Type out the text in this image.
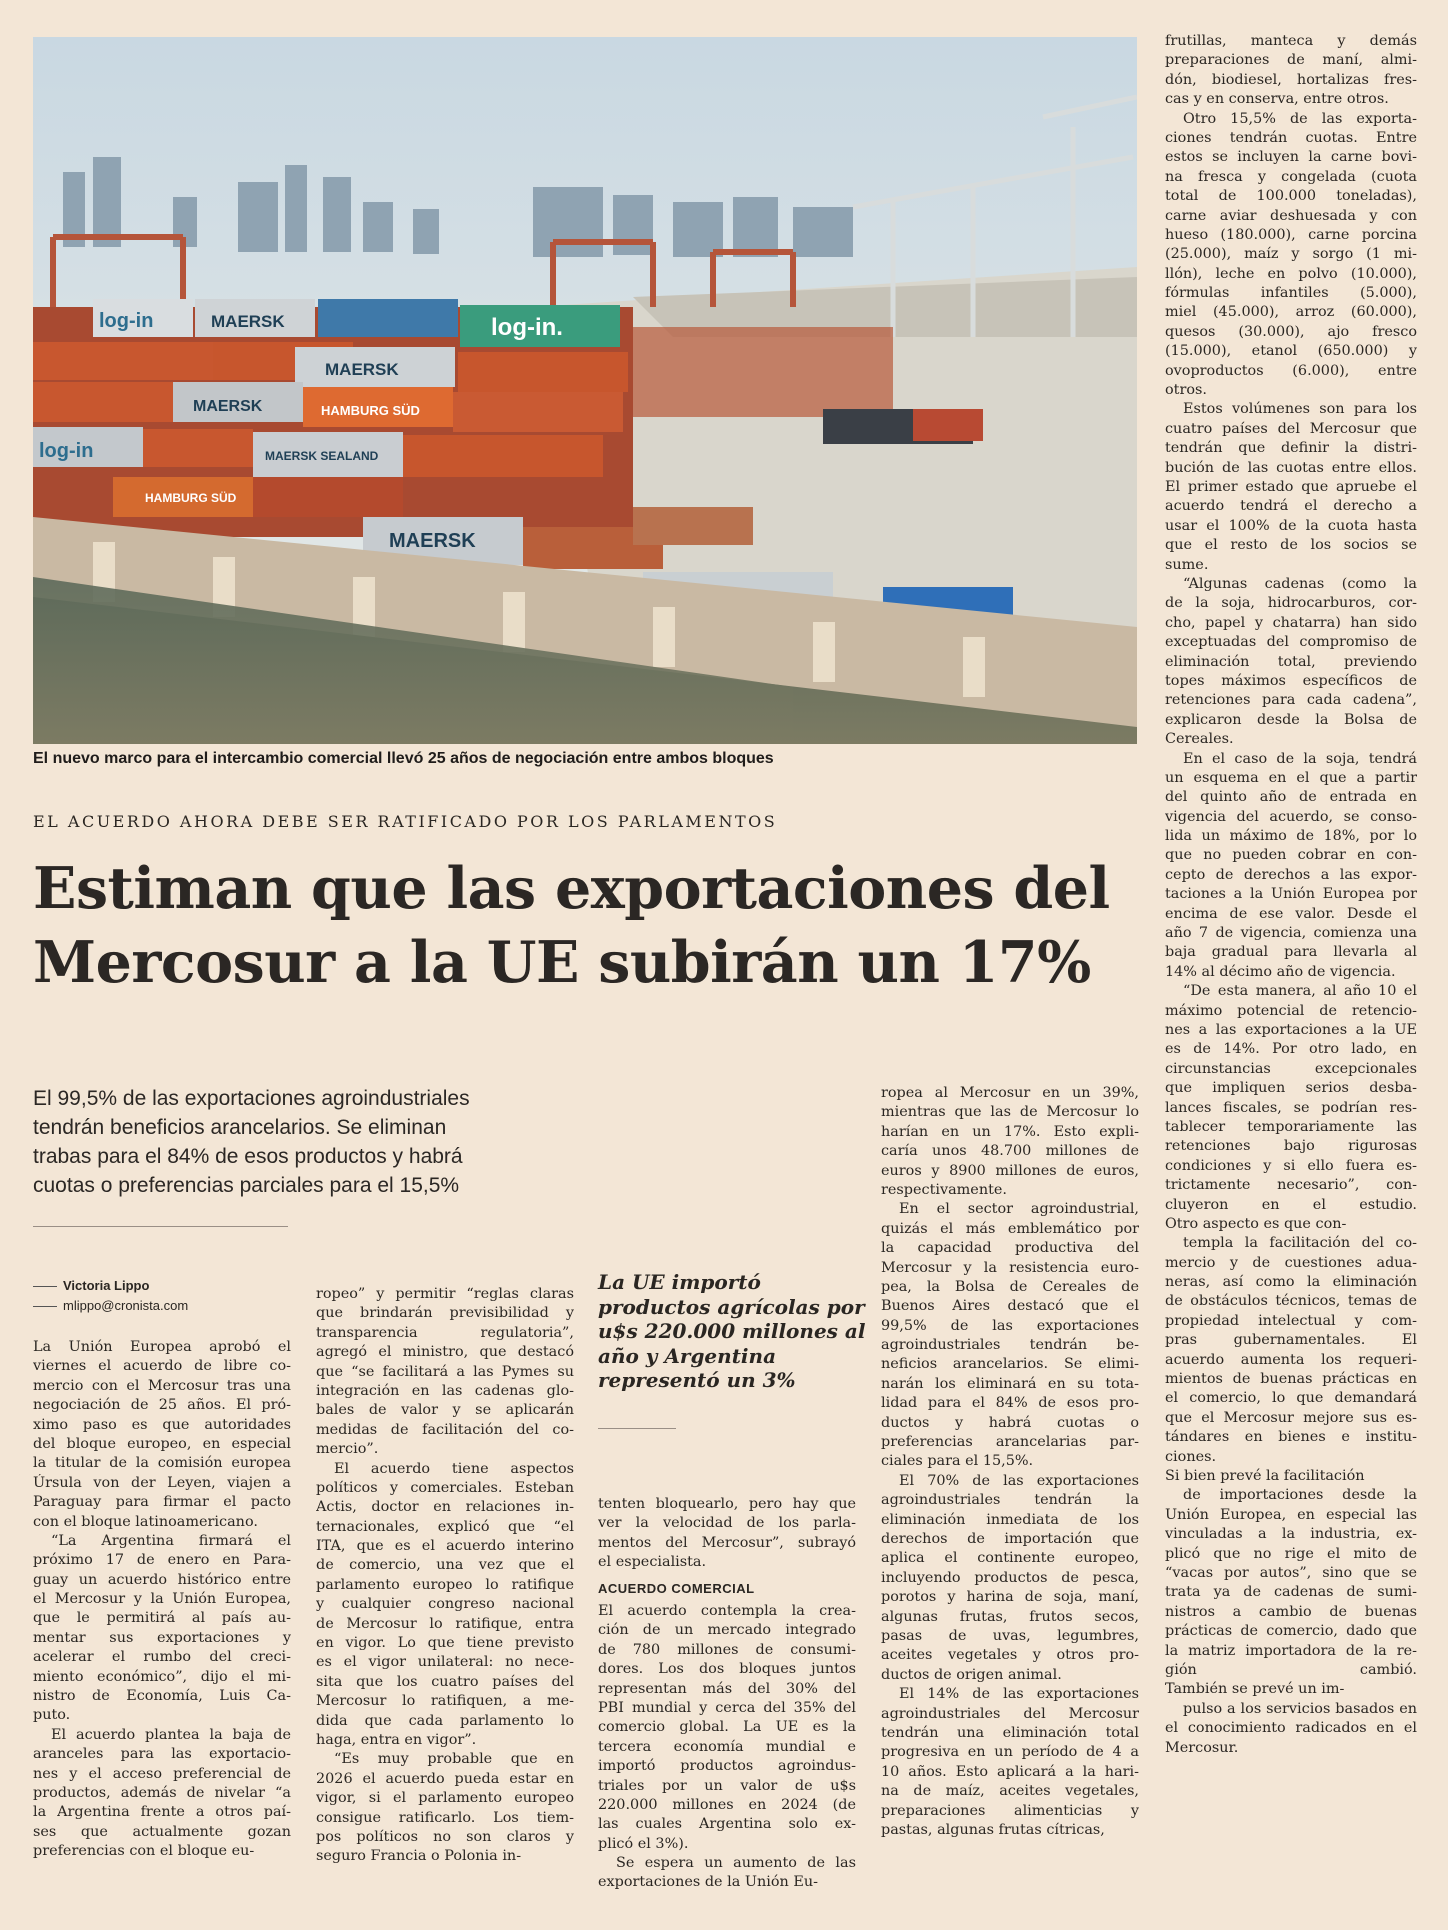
log-in	MAERSK	log-in.
MAERSK
MAERSK	HAMBURG SÜD
MAERSK SEALAND
log-in
HAMBURG SÜD
MAERSK
El nuevo marco para el intercambio comercial llevó 25 años de negociación entre ambos bloques
EL ACUERDO AHORA DEBE SER RATIFICADO POR LOS PARLAMENTOS
Estiman que las exportaciones del
Mercosur a la UE subirán un 17%
El 99,5% de las exportaciones agroindustriales
tendrán beneficios arancelarios. Se eliminan
trabas para el 84% de esos productos y habrá
cuotas o preferencias parciales para el 15,5%
Victoria Lippo
mlippo@cronista.com
La UE importó
productos agrícolas por
u$s 220.000 millones al
año y Argentina
representó un 3%
La Unión Europea aprobó el
viernes el acuerdo de libre co-
mercio con el Mercosur tras una
negociación de 25 años. El pró-
ximo paso es que autoridades
del bloque europeo, en especial
la titular de la comisión europea
Úrsula von der Leyen, viajen a
Paraguay para firmar el pacto
con el bloque latinoamericano.
“La Argentina firmará el
próximo 17 de enero en Para-
guay un acuerdo histórico entre
el Mercosur y la Unión Europea,
que le permitirá al país au-
mentar sus exportaciones y
acelerar el rumbo del creci-
miento económico”, dijo el mi-
nistro de Economía, Luis Ca-
puto.
El acuerdo plantea la baja de
aranceles para las exportacio-
nes y el acceso preferencial de
productos, además de nivelar “a
la Argentina frente a otros paí-
ses que actualmente gozan
preferencias con el bloque eu-
ropeo” y permitir “reglas claras
que brindarán previsibilidad y
transparencia regulatoria”,
agregó el ministro, que destacó
que “se facilitará a las Pymes su
integración en las cadenas glo-
bales de valor y se aplicarán
medidas de facilitación del co-
mercio”.
El acuerdo tiene aspectos
políticos y comerciales. Esteban
Actis, doctor en relaciones in-
ternacionales, explicó que “el
ITA, que es el acuerdo interino
de comercio, una vez que el
parlamento europeo lo ratifique
y cualquier congreso nacional
de Mercosur lo ratifique, entra
en vigor. Lo que tiene previsto
es el vigor unilateral: no nece-
sita que los cuatro países del
Mercosur lo ratifiquen, a me-
dida que cada parlamento lo
haga, entra en vigor”.
“Es muy probable que en
2026 el acuerdo pueda estar en
vigor, si el parlamento europeo
consigue ratificarlo. Los tiem-
pos políticos no son claros y
seguro Francia o Polonia in-
tenten bloquearlo, pero hay que
ver la velocidad de los parla-
mentos del Mercosur”, subrayó
el especialista.
ACUERDO COMERCIAL
El acuerdo contempla la crea-
ción de un mercado integrado
de 780 millones de consumi-
dores. Los dos bloques juntos
representan más del 30% del
PBI mundial y cerca del 35% del
comercio global. La UE es la
tercera economía mundial e
importó productos agroindus-
triales por un valor de u$s
220.000 millones en 2024 (de
las cuales Argentina solo ex-
plicó el 3%).
Se espera un aumento de las
exportaciones de la Unión Eu-
ropea al Mercosur en un 39%,
mientras que las de Mercosur lo
harían en un 17%. Esto expli-
caría unos 48.700 millones de
euros y 8900 millones de euros,
respectivamente.
En el sector agroindustrial,
quizás el más emblemático por
la capacidad productiva del
Mercosur y la resistencia euro-
pea, la Bolsa de Cereales de
Buenos Aires destacó que el
99,5% de las exportaciones
agroindustriales tendrán be-
neficios arancelarios. Se elimi-
narán los eliminará en su tota-
lidad para el 84% de esos pro-
ductos y habrá cuotas o
preferencias arancelarias par-
ciales para el 15,5%.
El 70% de las exportaciones
agroindustriales tendrán la
eliminación inmediata de los
derechos de importación que
aplica el continente europeo,
incluyendo productos de pesca,
porotos y harina de soja, maní,
algunas frutas, frutos secos,
pasas de uvas, legumbres,
aceites vegetales y otros pro-
ductos de origen animal.
El 14% de las exportaciones
agroindustriales del Mercosur
tendrán una eliminación total
progresiva en un período de 4 a
10 años. Esto aplicará a la hari-
na de maíz, aceites vegetales,
preparaciones alimenticias y
pastas, algunas frutas cítricas,
frutillas, manteca y demás
preparaciones de maní, almi-
dón, biodiesel, hortalizas fres-
cas y en conserva, entre otros.
Otro 15,5% de las exporta-
ciones tendrán cuotas. Entre
estos se incluyen la carne bovi-
na fresca y congelada (cuota
total de 100.000 toneladas),
carne aviar deshuesada y con
hueso (180.000), carne porcina
(25.000), maíz y sorgo (1 mi-
llón), leche en polvo (10.000),
fórmulas infantiles (5.000),
miel (45.000), arroz (60.000),
quesos (30.000), ajo fresco
(15.000), etanol (650.000) y
ovoproductos (6.000), entre
otros.
Estos volúmenes son para los
cuatro países del Mercosur que
tendrán que definir la distri-
bución de las cuotas entre ellos.
El primer estado que apruebe el
acuerdo tendrá el derecho a
usar el 100% de la cuota hasta
que el resto de los socios se
sume.
“Algunas cadenas (como la
de la soja, hidrocarburos, cor-
cho, papel y chatarra) han sido
exceptuadas del compromiso de
eliminación total, previendo
topes máximos específicos de
retenciones para cada cadena”,
explicaron desde la Bolsa de
Cereales.
En el caso de la soja, tendrá
un esquema en el que a partir
del quinto año de entrada en
vigencia del acuerdo, se conso-
lida un máximo de 18%, por lo
que no pueden cobrar en con-
cepto de derechos a las expor-
taciones a la Unión Europea por
encima de ese valor. Desde el
año 7 de vigencia, comienza una
baja gradual para llevarla al
14% al décimo año de vigencia.
“De esta manera, al año 10 el
máximo potencial de retencio-
nes a las exportaciones a la UE
es de 14%. Por otro lado, en
circunstancias excepcionales
que impliquen serios desba-
lances fiscales, se podrían res-
tablecer temporariamente las
retenciones bajo rigurosas
condiciones y si ello fuera es-
trictamente necesario”, con-
cluyeron en el estudio.
Otro aspecto es que con-
templa la facilitación del co-
mercio y de cuestiones adua-
neras, así como la eliminación
de obstáculos técnicos, temas de
propiedad intelectual y com-
pras gubernamentales. El
acuerdo aumenta los requeri-
mientos de buenas prácticas en
el comercio, lo que demandará
que el Mercosur mejore sus es-
tándares en bienes e institu-
ciones.
Si bien prevé la facilitación
de importaciones desde la
Unión Europea, en especial las
vinculadas a la industria, ex-
plicó que no rige el mito de
“vacas por autos”, sino que se
trata ya de cadenas de sumi-
nistros a cambio de buenas
prácticas de comercio, dado que
la matriz importadora de la re-
gión cambió.
También se prevé un im-
pulso a los servicios basados en
el conocimiento radicados en el
Mercosur.
